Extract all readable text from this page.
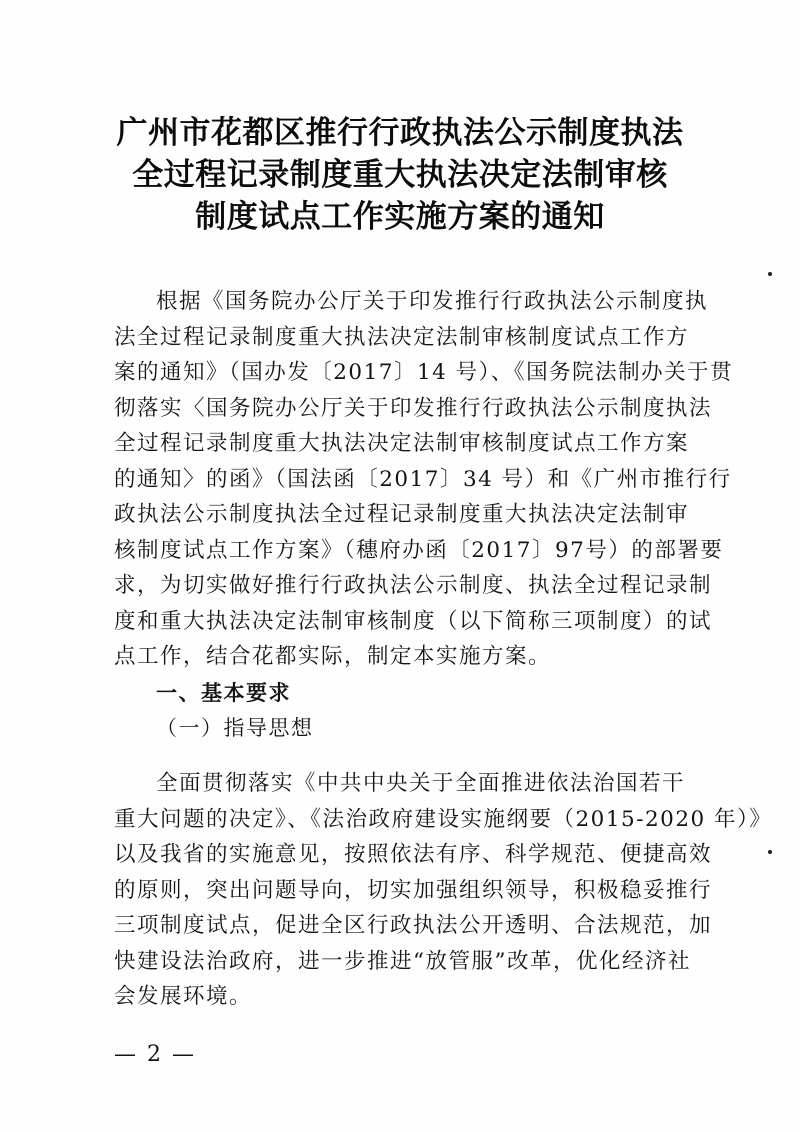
广州市花都区推行行政执法公示制度执法
全过程记录制度重大执法决定法制审核
制度试点工作实施方案的通知
根据《国务院办公厅关于印发推行行政执法公示制度执
法全过程记录制度重大执法决定法制审核制度试点工作方
案的通知》（国办发〔2017〕14 号）、《国务院法制办关于贯
彻落实〈国务院办公厅关于印发推行行政执法公示制度执法
全过程记录制度重大执法决定法制审核制度试点工作方案
的通知〉的函》（国法函〔2017〕34 号）和《广州市推行行
政执法公示制度执法全过程记录制度重大执法决定法制审
核制度试点工作方案》（穗府办函〔2017〕97号）的部署要
求，为切实做好推行行政执法公示制度、执法全过程记录制
度和重大执法决定法制审核制度（以下简称三项制度）的试
点工作，结合花都实际，制定本实施方案。
一、基本要求
（一）指导思想
全面贯彻落实《中共中央关于全面推进依法治国若干
重大问题的决定》、《法治政府建设实施纲要（2015-2020 年）》
以及我省的实施意见，按照依法有序、科学规范、便捷高效
的原则，突出问题导向，切实加强组织领导，积极稳妥推行
三项制度试点，促进全区行政执法公开透明、合法规范，加
快建设法治政府，进一步推进“放管服”改革，优化经济社
会发展环境。
— 2 —
